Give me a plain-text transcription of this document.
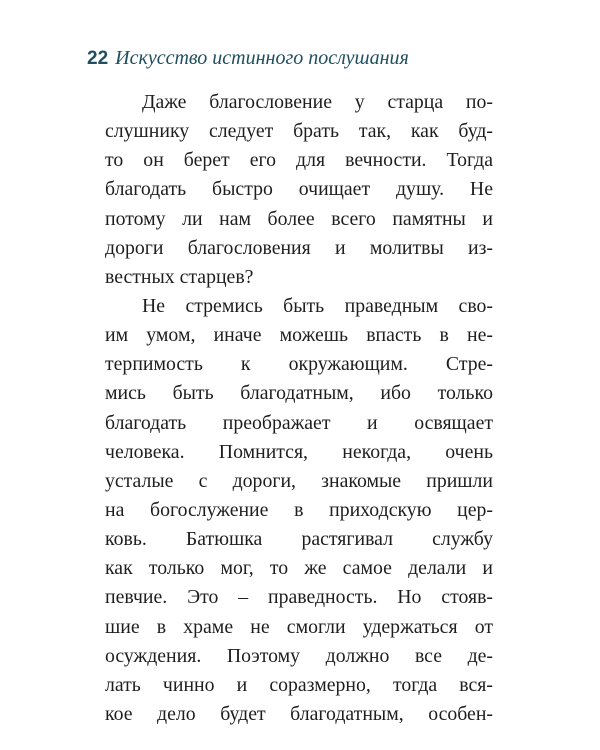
22 Искусство истинного послушания
Даже благословение у старца по-
слушнику следует брать так, как буд-
то он берет его для вечности. Тогда
благодать быстро очищает душу. Не
потому ли нам более всего памятны и
дороги благословения и молитвы из-
вестных старцев?
Не стремись быть праведным сво-
им умом, иначе можешь впасть в не-
терпимость к окружающим. Стре-
мись быть благодатным, ибо только
благодать преображает и освящает
человека. Помнится, некогда, очень
усталые с дороги, знакомые пришли
на богослужение в приходскую цер-
ковь. Батюшка растягивал службу
как только мог, то же самое делали и
певчие. Это – праведность. Но стояв-
шие в храме не смогли удержаться от
осуждения. Поэтому должно все де-
лать чинно и соразмерно, тогда вся-
кое дело будет благодатным, особен-
